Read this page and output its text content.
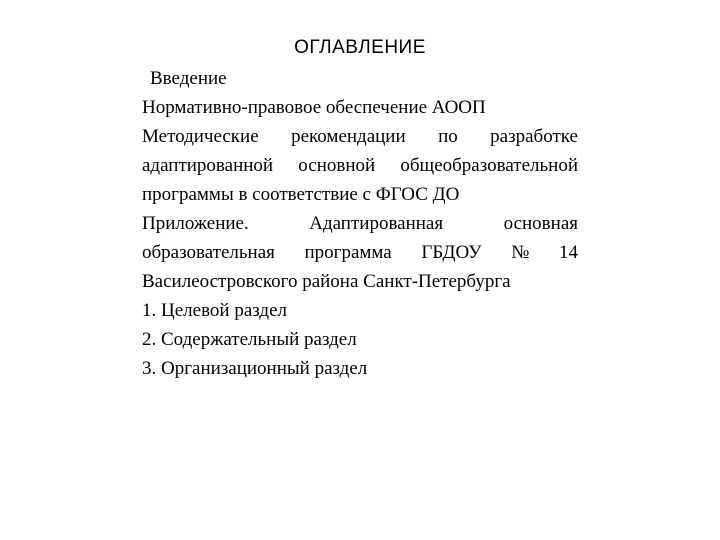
ОГЛАВЛЕНИЕ
Введение
Нормативно-правовое обеспечение АООП
Методические рекомендации по разработке
адаптированной основной общеобразовательной
программы в соответствие с ФГОС ДО
Приложение.	Адаптированная	основная
образовательная программа ГБДОУ № 14
Василеостровского района Санкт-Петербурга
1. Целевой раздел
2. Содержательный раздел
3. Организационный раздел
